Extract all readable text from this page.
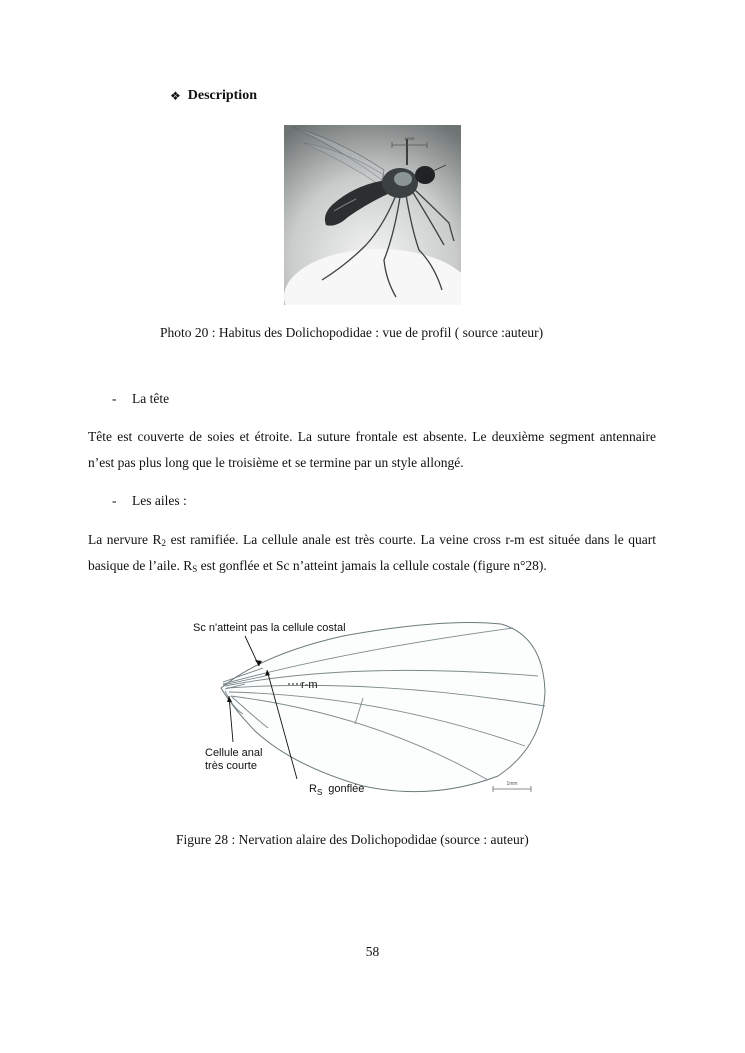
❖ Description
1mm
Photo 20 : Habitus des Dolichopodidae : vue de profil ( source :auteur)
-	La tête
Tête est couverte de soies et étroite. La suture frontale est absente. Le deuxième segment antennaire n’est pas plus long que le troisième et se termine par un style allongé.
-	Les ailes :
La nervure $R_2$ est ramifiée. La cellule anale est très courte. La veine cross r-m est située dans le quart basique de l’aile. $R_S$ est gonflée et Sc n’atteint jamais la cellule costale (figure n°28).
Sc n'atteint pas la cellule costal
r-m
Cellule anal
très courte
$R_S$ gonflée	1mm
Figure 28 : Nervation alaire des Dolichopodidae (source : auteur)
58
